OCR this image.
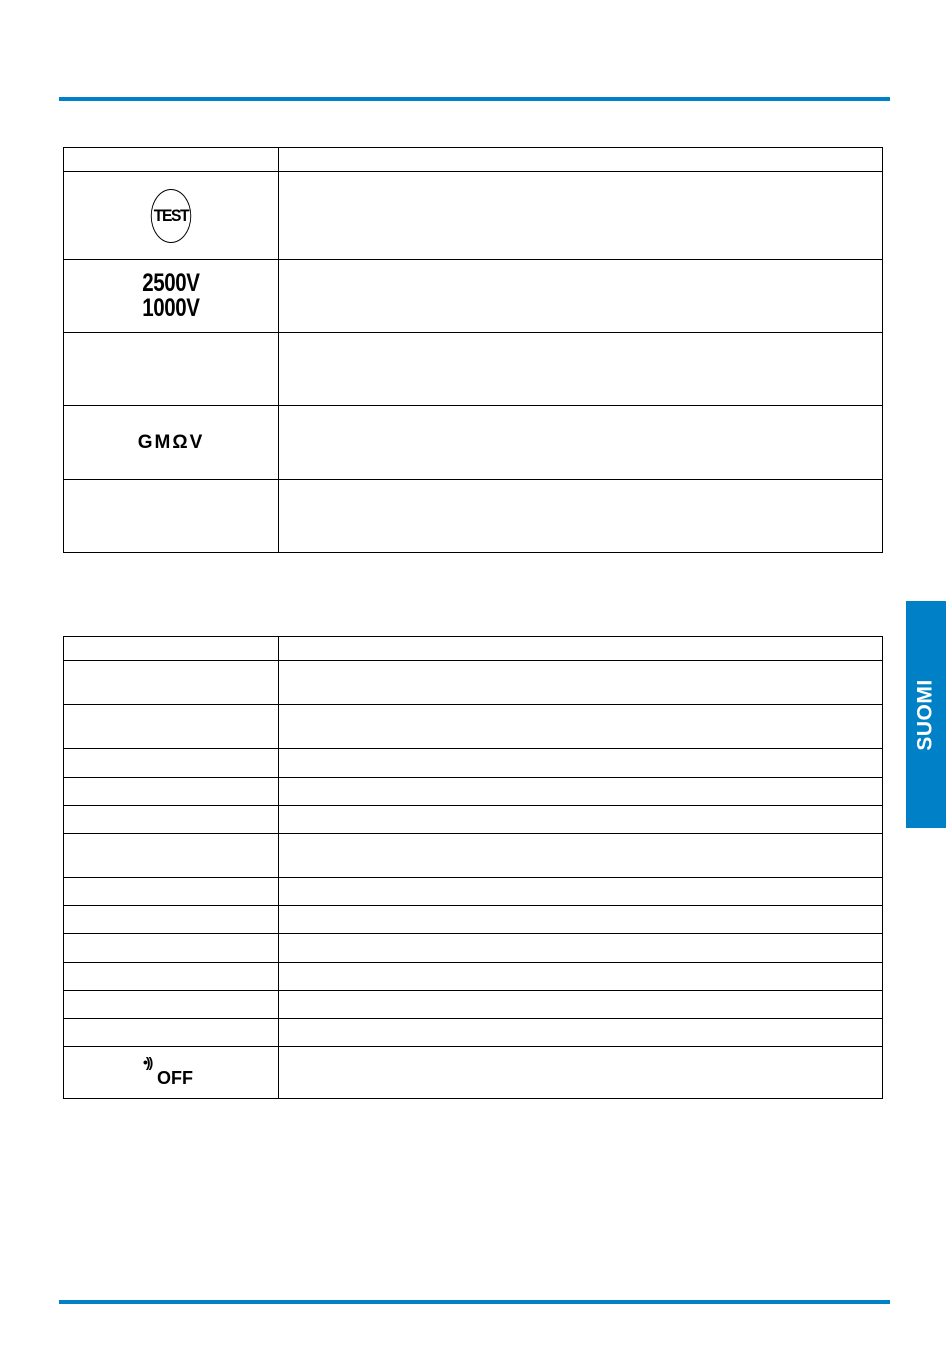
TEST	

2500V
1000V	

GMΩV	

•))
OFF	

SUOMI
